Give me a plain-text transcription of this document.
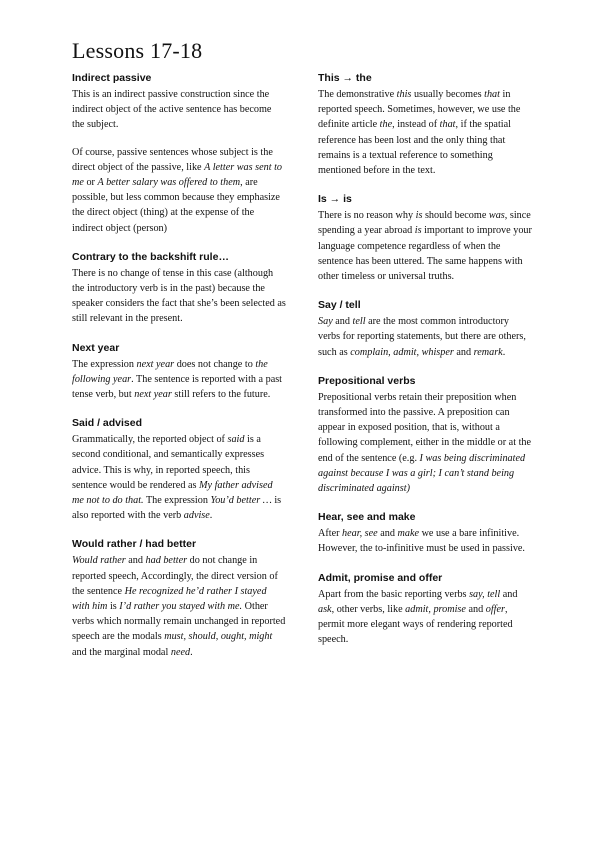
Lessons 17-18
Indirect passive

This is an indirect passive construction since the indirect object of the active sentence has become the subject.

Of course, passive sentences whose subject is the direct object of the passive, like A letter was sent to me or A better salary was offered to them, are possible, but less common because they emphasize the direct object (thing) at the expense of the indirect object (person)

Contrary to the backshift rule…

There is no change of tense in this case (although the introductory verb is in the past) because the speaker considers the fact that she’s been selected as still relevant in the present.

Next year

The expression next year does not change to the following year. The sentence is reported with a past tense verb, but next year still refers to the future.

Said / advised

Grammatically, the reported object of said is a second conditional, and semantically expresses advice. This is why, in reported speech, this sentence would be rendered as My father advised me not to do that. The expression You’d better … is also reported with the verb advise.

Would rather / had better

Would rather and had better do not change in reported speech, Accordingly, the direct version of the sentence He recognized he’d rather I stayed with him is I’d rather you stayed with me. Other verbs which normally remain unchanged in reported speech are the modals must, should, ought, might and the marginal modal need.

This → the

The demonstrative this usually becomes that in reported speech. Sometimes, however, we use the definite article the, instead of that, if the spatial reference has been lost and the only thing that remains is a textual reference to something mentioned before in the text.

Is → is

There is no reason why is should become was, since spending a year abroad is important to improve your language competence regardless of when the sentence has been uttered. The same happens with other timeless or universal truths.

Say / tell

Say and tell are the most common introductory verbs for reporting statements, but there are others, such as complain, admit, whisper and remark.

Prepositional verbs

Prepositional verbs retain their preposition when transformed into the passive. A preposition can appear in exposed position, that is, without a following complement, either in the middle or at the end of the sentence (e.g. I was being discriminated against because I was a girl; I can’t stand being discriminated against)

Hear, see and make

After hear, see and make we use a bare infinitive. However, the to-infinitive must be used in passive.

Admit, promise and offer

Apart from the basic reporting verbs say, tell and ask, other verbs, like admit, promise and offer, permit more elegant ways of rendering reported speech.
